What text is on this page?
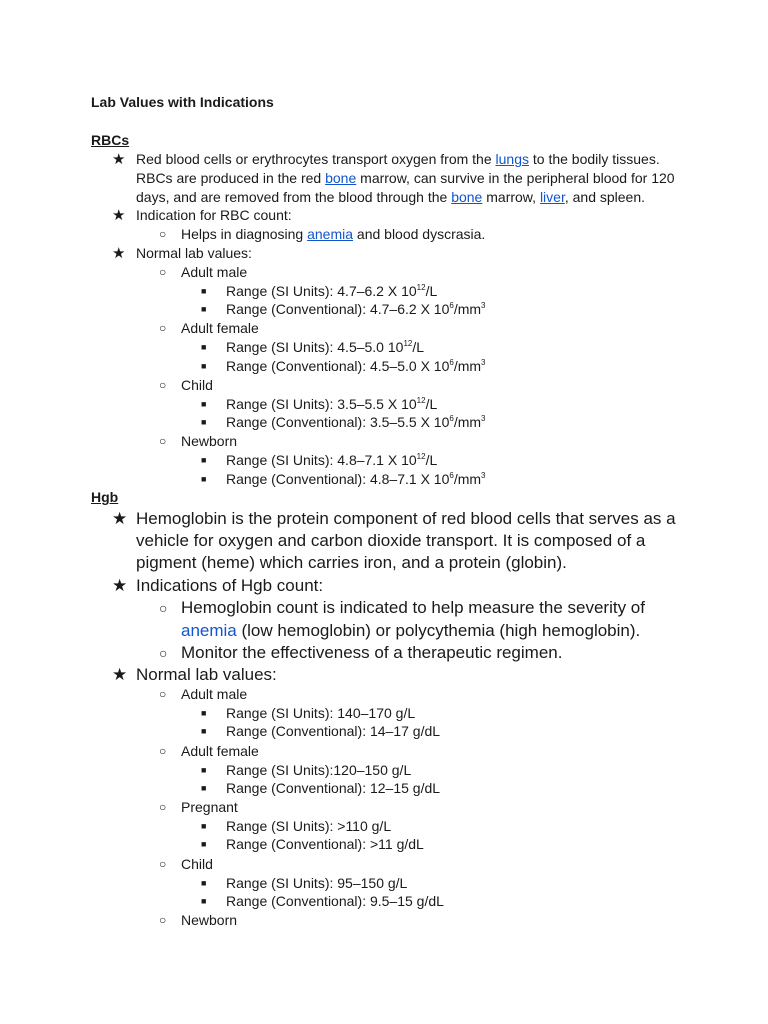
Lab Values with Indications
RBCs
★ Red blood cells or erythrocytes transport oxygen from the lungs to the bodily tissues.
RBCs are produced in the red bone marrow, can survive in the peripheral blood for 120
days, and are removed from the blood through the bone marrow, liver, and spleen.
★ Indication for RBC count:
○ Helps in diagnosing anemia and blood dyscrasia.
★ Normal lab values:
○ Adult male
■ Range (SI Units): 4.7–6.2 X $10^{12}/L$
■ Range (Conventional): 4.7–6.2 X $10^6/mm^3$
○ Adult female
■ Range (SI Units): 4.5–5.0 $10^{12}/L$
■ Range (Conventional): 4.5–5.0 X $10^6/mm^3$
○ Child
■ Range (SI Units): 3.5–5.5 X $10^{12}/L$
■ Range (Conventional): 3.5–5.5 X $10^6/mm^3$
○ Newborn
■ Range (SI Units): 4.8–7.1 X $10^{12}/L$
■ Range (Conventional): 4.8–7.1 X $10^6/mm^3$
Hgb
★ Hemoglobin is the protein component of red blood cells that serves as a
vehicle for oxygen and carbon dioxide transport. It is composed of a
pigment (heme) which carries iron, and a protein (globin).
★ Indications of Hgb count:
○ Hemoglobin count is indicated to help measure the severity of
anemia (low hemoglobin) or polycythemia (high hemoglobin).
○ Monitor the effectiveness of a therapeutic regimen.
★ Normal lab values:
○ Adult male
■ Range (SI Units): 140–170 g/L
■ Range (Conventional): 14–17 g/dL
○ Adult female
■ Range (SI Units):120–150 g/L
■ Range (Conventional): 12–15 g/dL
○ Pregnant
■ Range (SI Units): >110 g/L
■ Range (Conventional): >11 g/dL
○ Child
■ Range (SI Units): 95–150 g/L
■ Range (Conventional): 9.5–15 g/dL
○ Newborn
